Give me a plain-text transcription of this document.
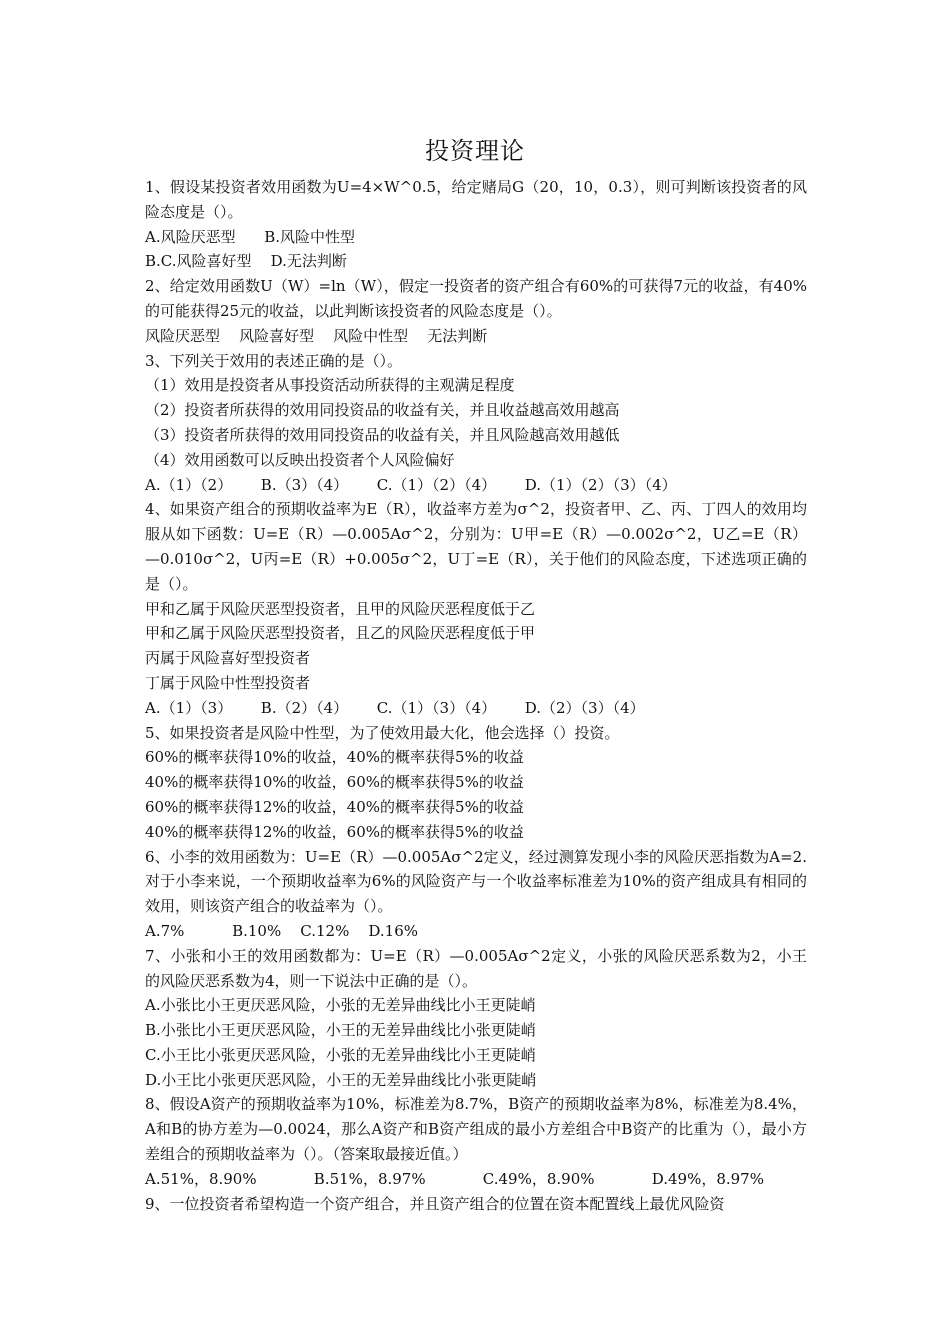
投资理论

1、假设某投资者效用函数为U=4×W^0.5，给定赌局G（20，10，0.3），则可判断该投资者的风险态度是（）。

A.风险厌恶型      B.风险中性型

B.C.风险喜好型    D.无法判断

2、给定效用函数U（W）=ln（W），假定一投资者的资产组合有60%的可获得7元的收益，有40%的可能获得25元的收益，以此判断该投资者的风险态度是（）。

风险厌恶型    风险喜好型    风险中性型    无法判断

3、下列关于效用的表述正确的是（）。

（1）效用是投资者从事投资活动所获得的主观满足程度

（2）投资者所获得的效用同投资品的收益有关，并且收益越高效用越高

（3）投资者所获得的效用同投资品的收益有关，并且风险越高效用越低

（4）效用函数可以反映出投资者个人风险偏好

A.（1）（2）      B.（3）（4）      C.（1）（2）（4）      D.（1）（2）（3）（4）

4、如果资产组合的预期收益率为E（R），收益率方差为σ^2，投资者甲、乙、丙、丁四人的效用均服从如下函数：U=E（R）—0.005Aσ^2，分别为：U甲=E（R）—0.002σ^2，U乙=E（R）—0.010σ^2，U丙=E（R）+0.005σ^2，U丁=E（R），关于他们的风险态度，下述选项正确的是（）。

甲和乙属于风险厌恶型投资者，且甲的风险厌恶程度低于乙

甲和乙属于风险厌恶型投资者，且乙的风险厌恶程度低于甲

丙属于风险喜好型投资者

丁属于风险中性型投资者

A.（1）（3）      B.（2）（4）      C.（1）（3）（4）      D.（2）（3）（4）

5、如果投资者是风险中性型，为了使效用最大化，他会选择（）投资。

60%的概率获得10%的收益，40%的概率获得5%的收益

40%的概率获得10%的收益，60%的概率获得5%的收益

60%的概率获得12%的收益，40%的概率获得5%的收益

40%的概率获得12%的收益，60%的概率获得5%的收益

6、小李的效用函数为：U=E（R）—0.005Aσ^2定义，经过测算发现小李的风险厌恶指数为A=2.对于小李来说，一个预期收益率为6%的风险资产与一个收益率标准差为10%的资产组成具有相同的效用，则该资产组合的收益率为（）。

A.7%          B.10%    C.12%    D.16%

7、小张和小王的效用函数都为：U=E（R）—0.005Aσ^2定义，小张的风险厌恶系数为2，小王的风险厌恶系数为4，则一下说法中正确的是（）。

A.小张比小王更厌恶风险，小张的无差异曲线比小王更陡峭

B.小张比小王更厌恶风险，小王的无差异曲线比小张更陡峭

C.小王比小张更厌恶风险，小张的无差异曲线比小王更陡峭

D.小王比小张更厌恶风险，小王的无差异曲线比小张更陡峭

8、假设A资产的预期收益率为10%，标准差为8.7%，B资产的预期收益率为8%，标准差为8.4%，A和B的协方差为—0.0024，那么A资产和B资产组成的最小方差组合中B资产的比重为（），最小方差组合的预期收益率为（）。（答案取最接近值。）

A.51%，8.90%            B.51%，8.97%            C.49%，8.90%            D.49%，8.97%

9、一位投资者希望构造一个资产组合，并且资产组合的位置在资本配置线上最优风险资
